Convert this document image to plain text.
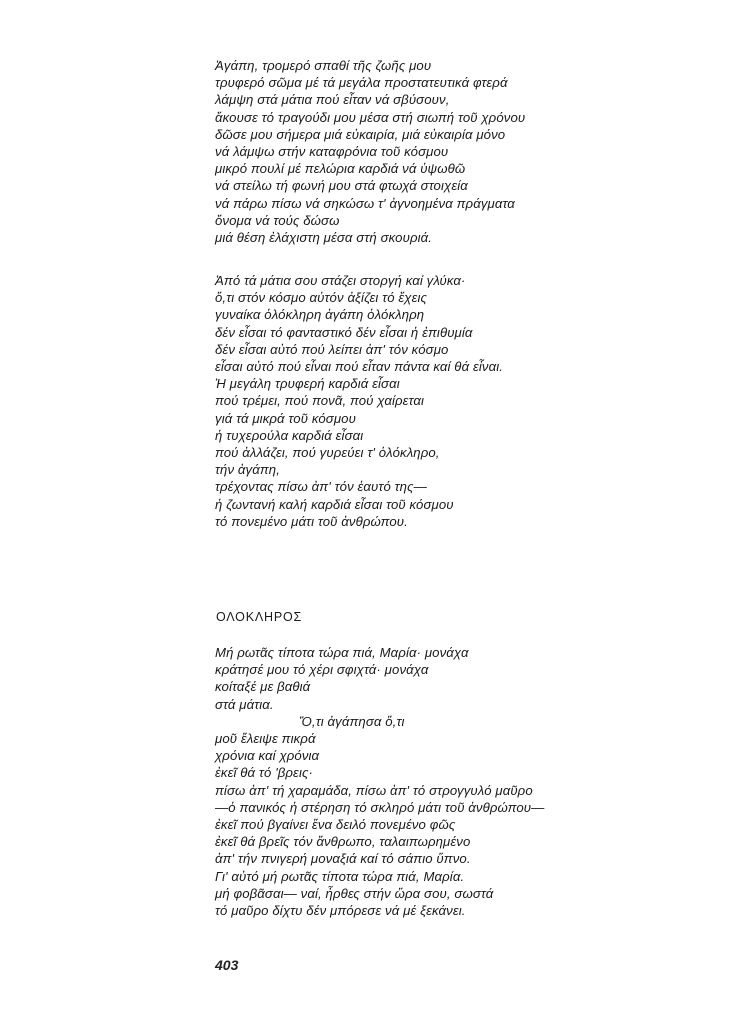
Ἀγάπη, τρομερό σπαθί τῆς ζωῆς μου
τρυφερό σῶμα μέ τά μεγάλα προστατευτικά φτερά
λάμψη στά μάτια πού εἶταν νά σβύσουν,
ἄκουσε τό τραγούδι μου μέσα στή σιωπή τοῦ χρόνου
δῶσε μου σήμερα μιά εὐκαιρία, μιά εὐκαιρία μόνο
νά λάμψω στήν καταφρόνια τοῦ κόσμου
μικρό πουλί μέ πελώρια καρδιά νά ὑψωθῶ
νά στείλω τή φωνή μου στά φτωχά στοιχεία
νά πάρω πίσω νά σηκώσω τ' ἀγνοημένα πράγματα
ὄνομα νά τούς δώσω
μιά θέση ἐλάχιστη μέσα στή σκουριά.
Ἀπό τά μάτια σου στάζει στοργή καί γλύκα·
ὅ,τι στόν κόσμο αὐτόν ἀξίζει τό ἔχεις
γυναίκα ὁλόκληρη ἀγάπη ὁλόκληρη
δέν εἶσαι τό φανταστικό δέν εἶσαι ἡ ἐπιθυμία
δέν εἶσαι αὐτό πού λείπει ἀπ' τόν κόσμο
εἶσαι αὐτό πού εἶναι πού εἶταν πάντα καί θά εἶναι.
Ἡ μεγάλη τρυφερή καρδιά εἶσαι
πού τρέμει, πού πονᾶ, πού χαίρεται
γιά τά μικρά τοῦ κόσμου
ἡ τυχερούλα καρδιά εἶσαι
πού ἀλλάζει, πού γυρεύει τ' ὁλόκληρο,
τήν ἀγάπη,
τρέχοντας πίσω ἀπ' τόν ἑαυτό της—
ἡ ζωντανή καλή καρδιά εἶσαι τοῦ κόσμου
τό πονεμένο μάτι τοῦ ἀνθρώπου.
ΟΛΟΚΛΗΡΟΣ
Μή ρωτᾶς τίποτα τώρα πιά, Μαρία· μονάχα
κράτησέ μου τό χέρι σφιχτά· μονάχα
κοίταξέ με βαθιά
στά μάτια.
Ὅ,τι ἀγάπησα ὅ,τι
μοῦ ἔλειψε πικρά
χρόνια καί χρόνια
ἐκεῖ θά τό 'βρεις·
πίσω ἀπ' τή χαραμάδα, πίσω ἀπ' τό στρογγυλό μαῦρο
—ὁ πανικός ἡ στέρηση τό σκληρό μάτι τοῦ ἀνθρώπου—
ἐκεῖ πού βγαίνει ἕνα δειλό πονεμένο φῶς
ἐκεῖ θά βρεῖς τόν ἄνθρωπο, ταλαιπωρημένο
ἀπ' τήν πνιγερή μοναξιά καί τό σάπιο ὕπνο.
Γι' αὐτό μή ρωτᾶς τίποτα τώρα πιά, Μαρία.
μή φοβᾶσαι— ναί, ἦρθες στήν ὥρα σου, σωστά
τό μαῦρο δίχτυ δέν μπόρεσε νά μέ ξεκάνει.
403
